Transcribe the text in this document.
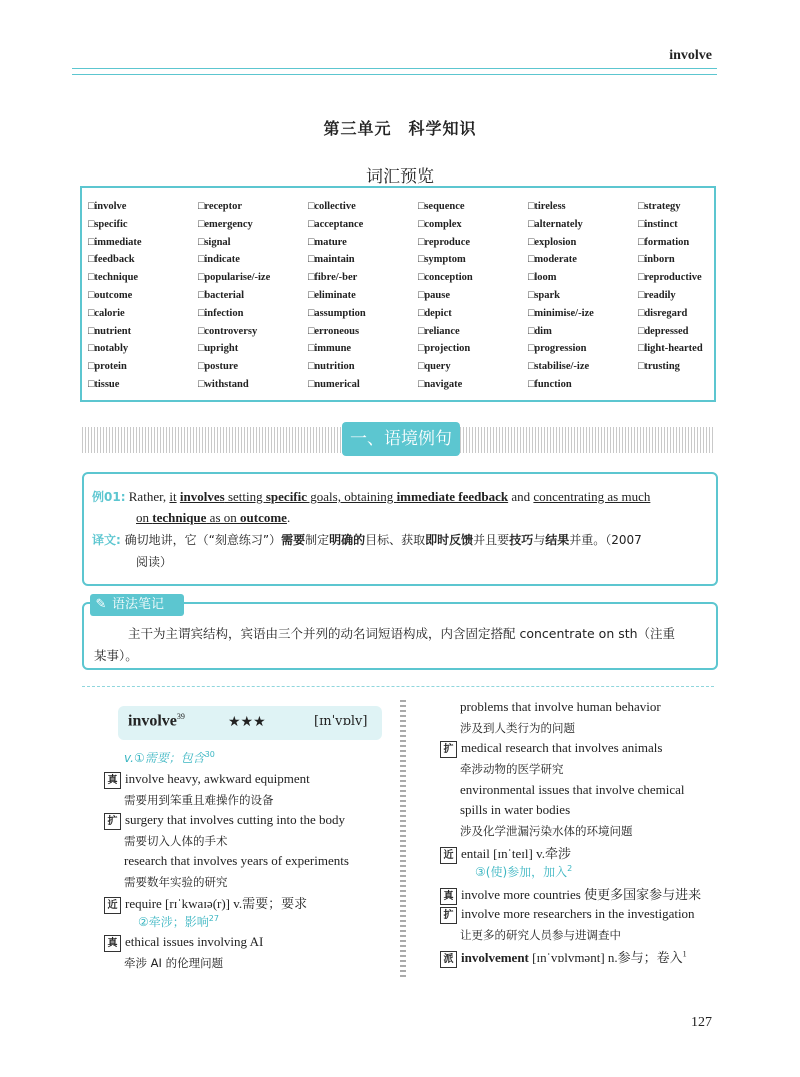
involve
第三单元　科学知识
词汇预览
□involve
□specific
□immediate
□feedback
□technique
□outcome
□calorie
□nutrient
□notably
□protein
□tissue
□receptor
□emergency
□signal
□indicate
□popularise/-ize
□bacterial
□infection
□controversy
□upright
□posture
□withstand
□collective
□acceptance
□mature
□maintain
□fibre/-ber
□eliminate
□assumption
□erroneous
□immune
□nutrition
□numerical
□sequence
□complex
□reproduce
□symptom
□conception
□pause
□depict
□reliance
□projection
□query
□navigate
□tireless
□alternately
□explosion
□moderate
□loom
□spark
□minimise/-ize
□dim
□progression
□stabilise/-ize
□function
□strategy
□instinct
□formation
□inborn
□reproductive
□readily
□disregard
□depressed
□light-hearted
□trusting
一、语境例句
例01: Rather, it involves setting specific goals, obtaining immediate feedback and concentrating as much
on technique as on outcome.
译文: 确切地讲，它（“刻意练习”）需要制定明确的目标、获取即时反馈并且要技巧与结果并重。（2007
阅读）
主干为主谓宾结构，宾语由三个并列的动名词短语构成，内含固定搭配 concentrate on sth（注重
某事）。
✎ 语法笔记
involve$^{39}$	★★★	[ɪnˈvɒlv]
v.①需要；包含$^{30}$
真 involve heavy, awkward equipment
需要用到笨重且难操作的设备
扩 surgery that involves cutting into the body
需要切入人体的手术
research that involves years of experiments
需要数年实验的研究
近 require [rɪˈkwaɪə(r)] v.需要；要求
②牵涉；影响$^{27}$
真 ethical issues involving AI
牵涉 AI 的伦理问题
problems that involve human behavior
涉及到人类行为的问题
扩 medical research that involves animals
牵涉动物的医学研究
environmental issues that involve chemical
spills in water bodies
涉及化学泄漏污染水体的环境问题
近 entail [ɪnˈteɪl] v.牵涉
③(使)参加，加入$^2$
真 involve more countries 使更多国家参与进来
扩 involve more researchers in the investigation
让更多的研究人员参与进调查中
派 involvement [ɪnˈvɒlvmənt] n.参与；卷入$^1$
127
